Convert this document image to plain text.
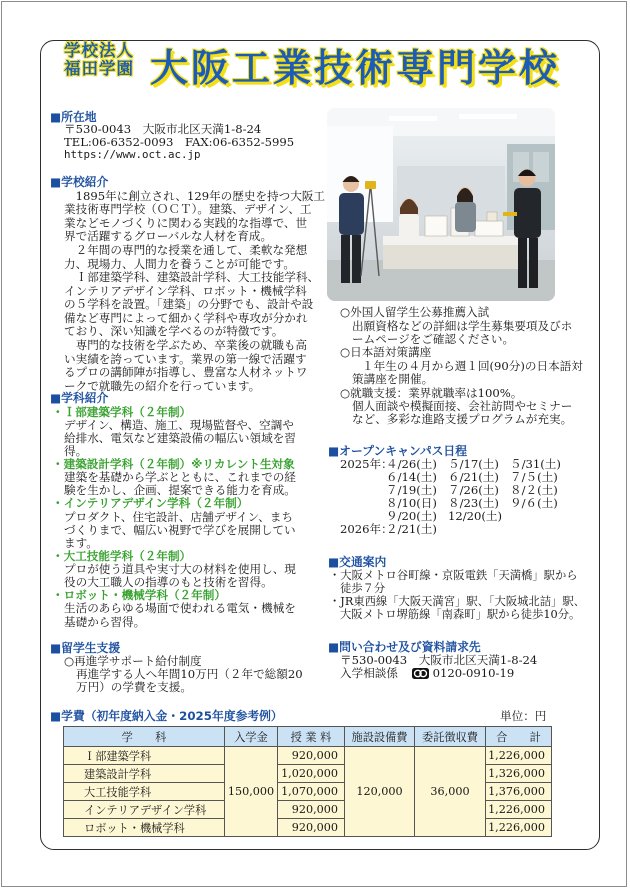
学校法人
福田学園 大阪工業技術専門学校
■所在地
〒530-0043　大阪市北区天満1-8-24
TEL:06-6352-0093　FAX:06-6352-5995
https://www.oct.ac.jp
■学校紹介
1895年に創立され、129年の歴史を持つ大阪工
業技術専門学校（ＯＣＴ）。建築、デザイン、工
業などモノづくりに関わる実践的な指導で、世
界で活躍するグローバルな人材を育成。
２年間の専門的な授業を通して、柔軟な発想
力、現場力、人間力を養うことが可能です。
Ｉ部建築学科、建築設計学科、大工技能学科、
インテリアデザイン学科、ロボット・機械学科
の５学科を設置。「建築」の分野でも、設計や設
備など専門によって細かく学科や専攻が分かれ
ており、深い知識を学べるのが特徴です。
専門的な技術を学ぶため、卒業後の就職も高
い実績を誇っています。業界の第一線で活躍す
るプロの講師陣が指導し、豊富な人材ネットワ
ークで就職先の紹介を行っています。
○外国人留学生公募推薦入試
出願資格などの詳細は学生募集要項及びホ
ームページをご確認ください。
○日本語対策講座
１年生の４月から週１回(90分)の日本語対
策講座を開催。
○就職支援：業界就職率は100%。
個人面談や模擬面接、会社訪問やセミナー
など、多彩な進路支援プログラムが充実。
■学科紹介
・Ｉ部建築学科（２年制）
デザイン、構造、施工、現場監督や、空調や
給排水、電気など建築設備の幅広い領域を習
得。
・建築設計学科（２年制）※リカレント生対象
建築を基礎から学ぶとともに、これまでの経
験を生かし、企画、提案できる能力を育成。
・インテリアデザイン学科（２年制）
プロダクト、住宅設計、店舗デザイン、まち
づくりまで、幅広い視野で学びを展開してい
ます。
・大工技能学科（２年制）
プロが使う道具や実寸大の材料を使用し、現
役の大工職人の指導のもと技術を習得。
・ロボット・機械学科（２年制）
生活のあらゆる場面で使われる電気・機械を
基礎から習得。
■オープンキャンパス日程
2025年：
４/26(土) ５/17(土) ５/31(土)
６/14(土) ６/21(土) ７/５(土)
７/19(土) ７/26(土) ８/２(土)
８/10(日) ８/23(土) ９/６(土)
９/20(土) 12/20(土)
2026年：
２/21(土)
■交通案内
・大阪メトロ谷町線・京阪電鉄「天満橋」駅から
徒歩７分
・JR東西線「大阪天満宮」駅、「大阪城北詰」駅、
大阪メトロ堺筋線「南森町」駅から徒歩10分。
■留学生支援
○再進学サポート給付制度
再進学する人へ年間10万円（２年で総額20
万円）の学費を支援。
■問い合わせ及び資料請求先
〒530-0043　大阪市北区天満1-8-24
入学相談係　	0120-0910-19
■学費（初年度納入金・2025年度参考例）	単位：円
学　　科	入学金	授 業 料	施設設備費	委託徴収費	合　　計
Ｉ部建築学科	150,000	920,000	120,000	36,000	1,226,000
建築設計学科		1,020,000			1,326,000
大工技能学科		1,070,000			1,376,000
インテリアデザイン学科		920,000			1,226,000
ロボット・機械学科		920,000			1,226,000
